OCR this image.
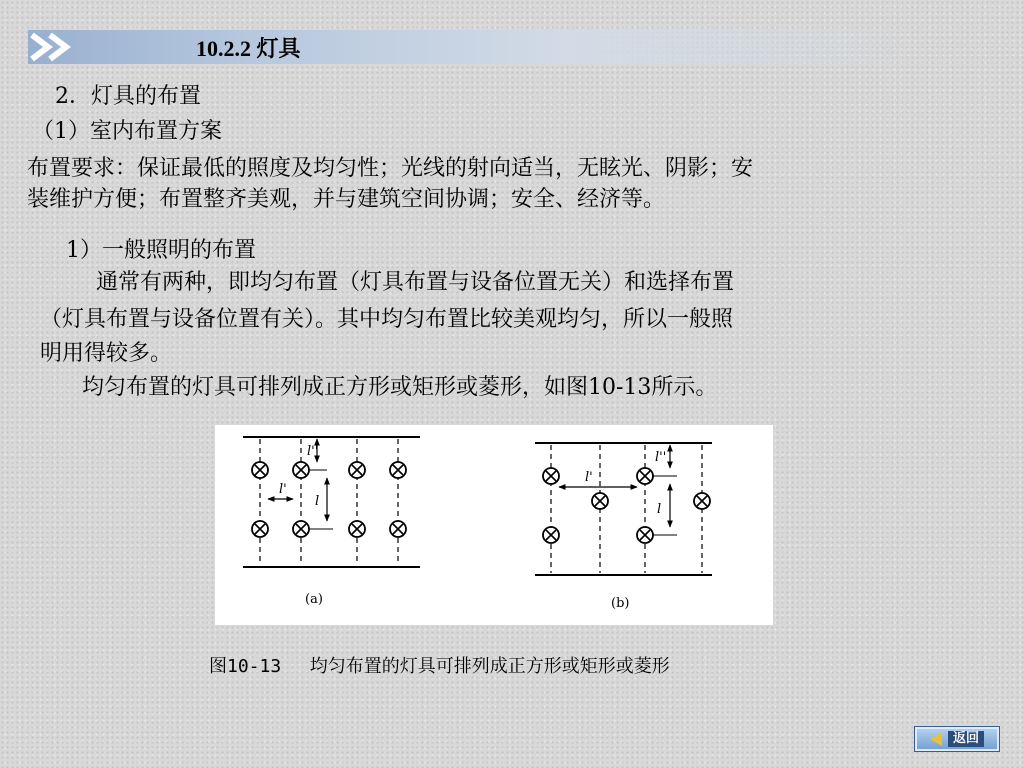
10.2.2 灯具
2．灯具的布置
（1）室内布置方案
布置要求：保证最低的照度及均匀性；光线的射向适当，无眩光、阴影；安
装维护方便；布置整齐美观，并与建筑空间协调；安全、经济等。
1）一般照明的布置
通常有两种，即均匀布置（灯具布置与设备位置无关）和选择布置
（灯具布置与设备位置有关）。其中均匀布置比较美观均匀，所以一般照
明用得较多。
均匀布置的灯具可排列成正方形或矩形或菱形，如图10-13所示。
l'
l''
l
(a)
l'
l''
l
(b)
图10-13 均匀布置的灯具可排列成正方形或矩形或菱形
返回
